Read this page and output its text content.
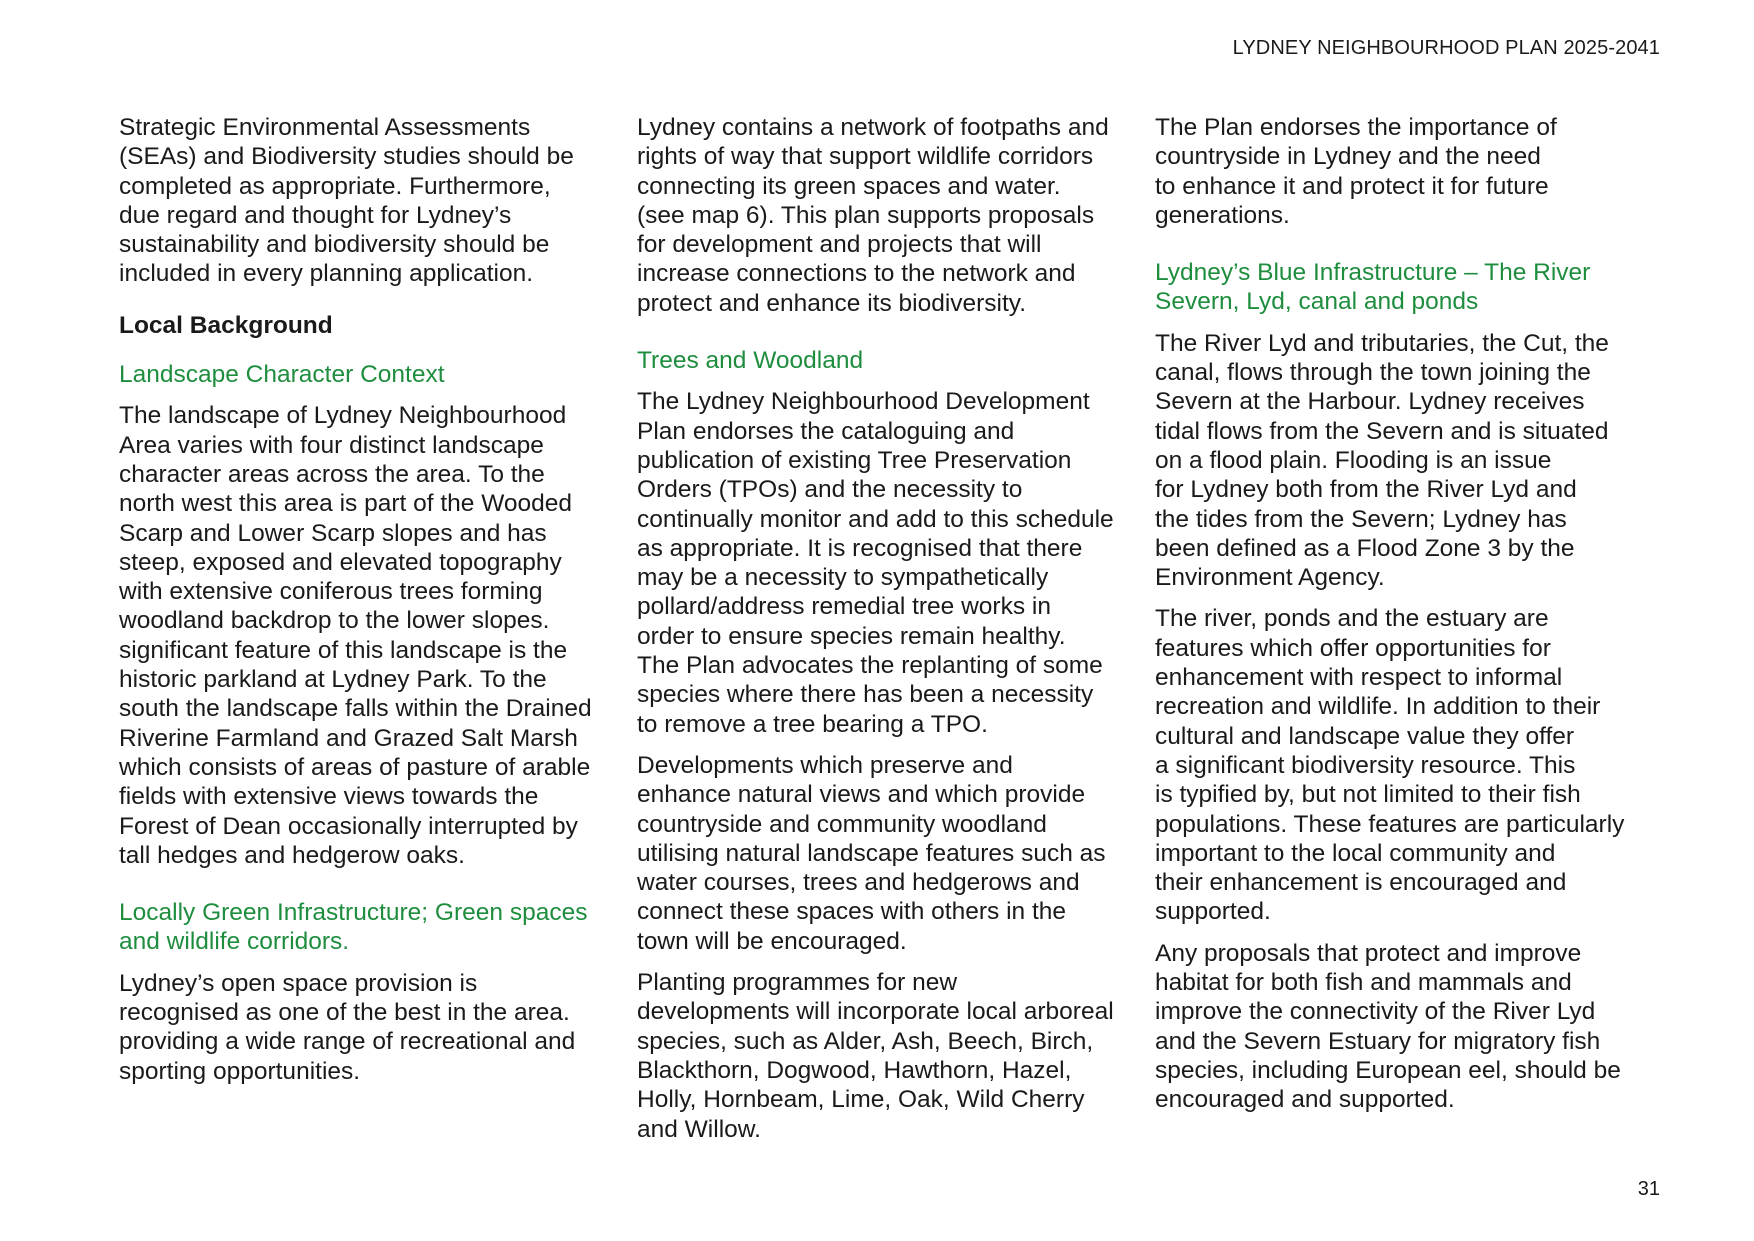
LYDNEY NEIGHBOURHOOD PLAN 2025-2041
Strategic Environmental Assessments
(SEAs) and Biodiversity studies should be
completed as appropriate. Furthermore,
due regard and thought for Lydney’s
sustainability and biodiversity should be
included in every planning application.
Local Background
Landscape Character Context
The landscape of Lydney Neighbourhood
Area varies with four distinct landscape
character areas across the area. To the
north west this area is part of the Wooded
Scarp and Lower Scarp slopes and has
steep, exposed and elevated topography
with extensive coniferous trees forming
woodland backdrop to the lower slopes.
significant feature of this landscape is the
historic parkland at Lydney Park. To the
south the landscape falls within the Drained
Riverine Farmland and Grazed Salt Marsh
which consists of areas of pasture of arable
fields with extensive views towards the
Forest of Dean occasionally interrupted by
tall hedges and hedgerow oaks.
Locally Green Infrastructure; Green spaces
and wildlife corridors.
Lydney’s open space provision is
recognised as one of the best in the area.
providing a wide range of recreational and
sporting opportunities.
Lydney contains a network of footpaths and
rights of way that support wildlife corridors
connecting its green spaces and water.
(see map 6). This plan supports proposals
for development and projects that will
increase connections to the network and
protect and enhance its biodiversity.
Trees and Woodland
The Lydney Neighbourhood Development
Plan endorses the cataloguing and
publication of existing Tree Preservation
Orders (TPOs) and the necessity to
continually monitor and add to this schedule
as appropriate. It is recognised that there
may be a necessity to sympathetically
pollard/address remedial tree works in
order to ensure species remain healthy.
The Plan advocates the replanting of some
species where there has been a necessity
to remove a tree bearing a TPO.
Developments which preserve and
enhance natural views and which provide
countryside and community woodland
utilising natural landscape features such as
water courses, trees and hedgerows and
connect these spaces with others in the
town will be encouraged.
Planting programmes for new
developments will incorporate local arboreal
species, such as Alder, Ash, Beech, Birch,
Blackthorn, Dogwood, Hawthorn, Hazel,
Holly, Hornbeam, Lime, Oak, Wild Cherry
and Willow.
The Plan endorses the importance of
countryside in Lydney and the need
to enhance it and protect it for future
generations.
Lydney’s Blue Infrastructure – The River
Severn, Lyd, canal and ponds
The River Lyd and tributaries, the Cut, the
canal, flows through the town joining the
Severn at the Harbour. Lydney receives
tidal flows from the Severn and is situated
on a flood plain. Flooding is an issue
for Lydney both from the River Lyd and
the tides from the Severn; Lydney has
been defined as a Flood Zone 3 by the
Environment Agency.
The river, ponds and the estuary are
features which offer opportunities for
enhancement with respect to informal
recreation and wildlife. In addition to their
cultural and landscape value they offer
a significant biodiversity resource. This
is typified by, but not limited to their fish
populations. These features are particularly
important to the local community and
their enhancement is encouraged and
supported.
Any proposals that protect and improve
habitat for both fish and mammals and
improve the connectivity of the River Lyd
and the Severn Estuary for migratory fish
species, including European eel, should be
encouraged and supported.
31
